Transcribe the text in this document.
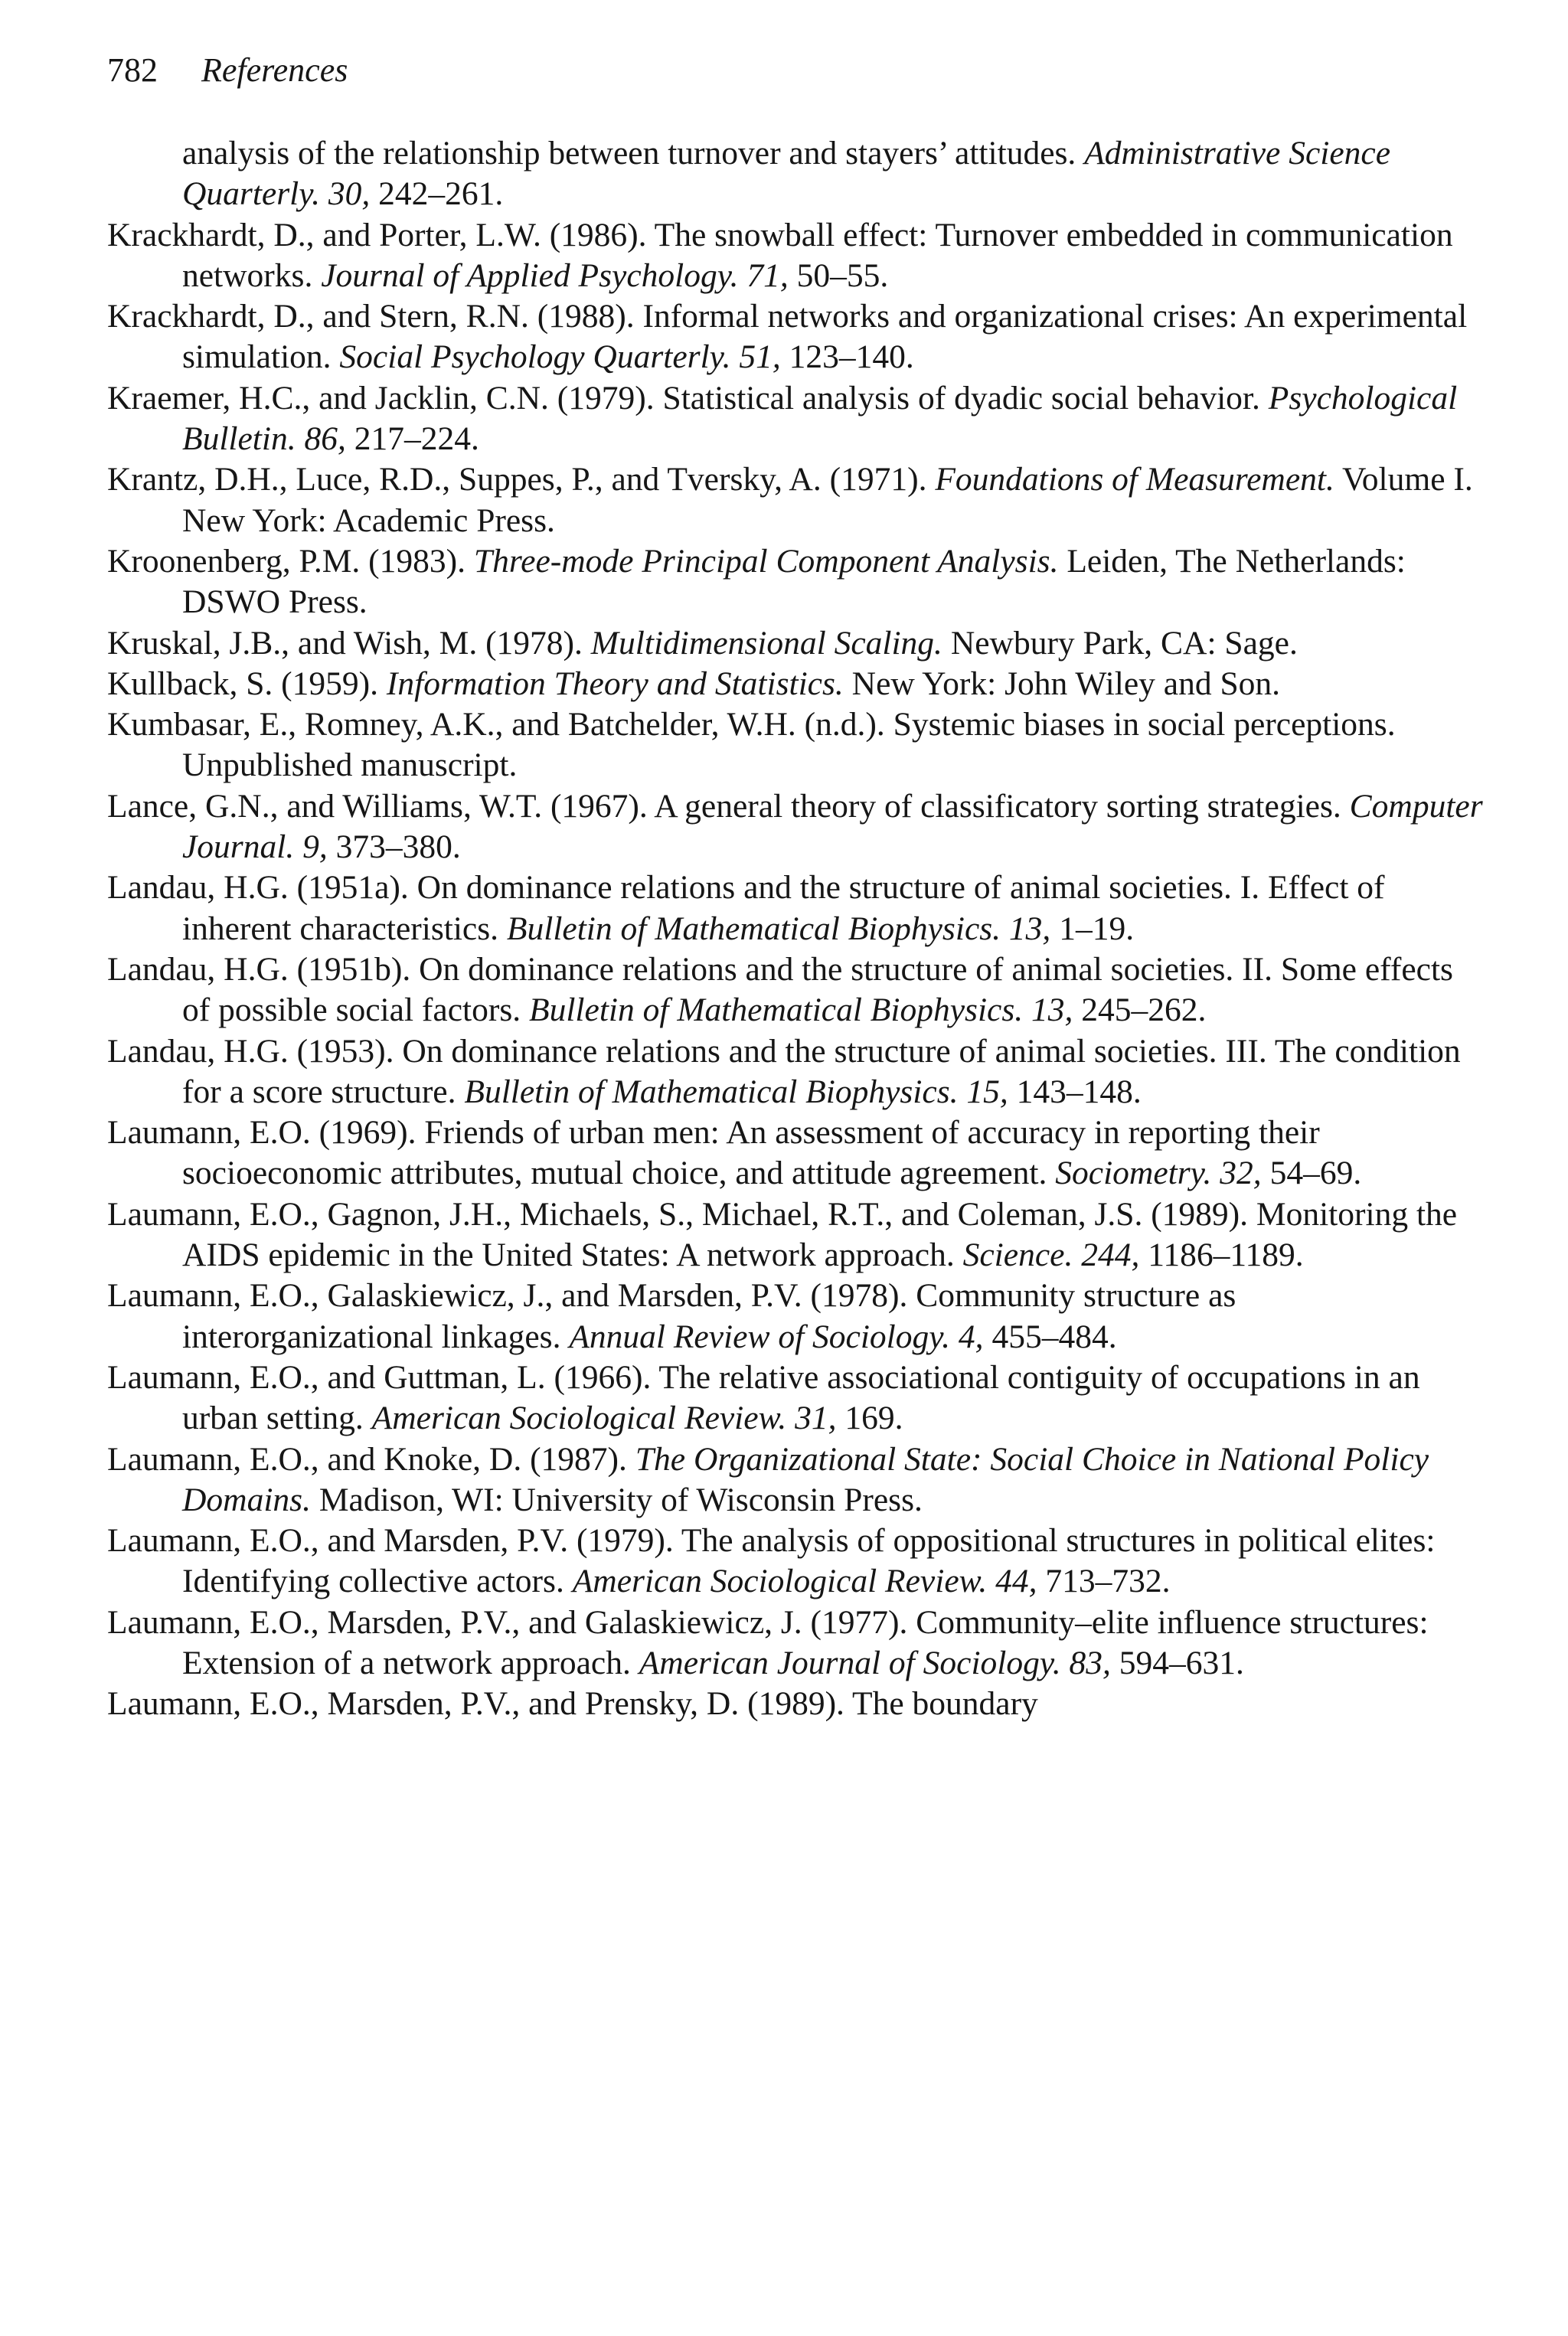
782 References
analysis of the relationship between turnover and stayers’ attitudes. Administrative Science Quarterly. 30, 242–261.
Krackhardt, D., and Porter, L.W. (1986). The snowball effect: Turnover embedded in communication networks. Journal of Applied Psychology. 71, 50–55.
Krackhardt, D., and Stern, R.N. (1988). Informal networks and organizational crises: An experimental simulation. Social Psychology Quarterly. 51, 123–140.
Kraemer, H.C., and Jacklin, C.N. (1979). Statistical analysis of dyadic social behavior. Psychological Bulletin. 86, 217–224.
Krantz, D.H., Luce, R.D., Suppes, P., and Tversky, A. (1971). Foundations of Measurement. Volume I. New York: Academic Press.
Kroonenberg, P.M. (1983). Three-mode Principal Component Analysis. Leiden, The Netherlands: DSWO Press.
Kruskal, J.B., and Wish, M. (1978). Multidimensional Scaling. Newbury Park, CA: Sage.
Kullback, S. (1959). Information Theory and Statistics. New York: John Wiley and Son.
Kumbasar, E., Romney, A.K., and Batchelder, W.H. (n.d.). Systemic biases in social perceptions. Unpublished manuscript.
Lance, G.N., and Williams, W.T. (1967). A general theory of classificatory sorting strategies. Computer Journal. 9, 373–380.
Landau, H.G. (1951a). On dominance relations and the structure of animal societies. I. Effect of inherent characteristics. Bulletin of Mathematical Biophysics. 13, 1–19.
Landau, H.G. (1951b). On dominance relations and the structure of animal societies. II. Some effects of possible social factors. Bulletin of Mathematical Biophysics. 13, 245–262.
Landau, H.G. (1953). On dominance relations and the structure of animal societies. III. The condition for a score structure. Bulletin of Mathematical Biophysics. 15, 143–148.
Laumann, E.O. (1969). Friends of urban men: An assessment of accuracy in reporting their socioeconomic attributes, mutual choice, and attitude agreement. Sociometry. 32, 54–69.
Laumann, E.O., Gagnon, J.H., Michaels, S., Michael, R.T., and Coleman, J.S. (1989). Monitoring the AIDS epidemic in the United States: A network approach. Science. 244, 1186–1189.
Laumann, E.O., Galaskiewicz, J., and Marsden, P.V. (1978). Community structure as interorganizational linkages. Annual Review of Sociology. 4, 455–484.
Laumann, E.O., and Guttman, L. (1966). The relative associational contiguity of occupations in an urban setting. American Sociological Review. 31, 169.
Laumann, E.O., and Knoke, D. (1987). The Organizational State: Social Choice in National Policy Domains. Madison, WI: University of Wisconsin Press.
Laumann, E.O., and Marsden, P.V. (1979). The analysis of oppositional structures in political elites: Identifying collective actors. American Sociological Review. 44, 713–732.
Laumann, E.O., Marsden, P.V., and Galaskiewicz, J. (1977). Community–elite influence structures: Extension of a network approach. American Journal of Sociology. 83, 594–631.
Laumann, E.O., Marsden, P.V., and Prensky, D. (1989). The boundary
